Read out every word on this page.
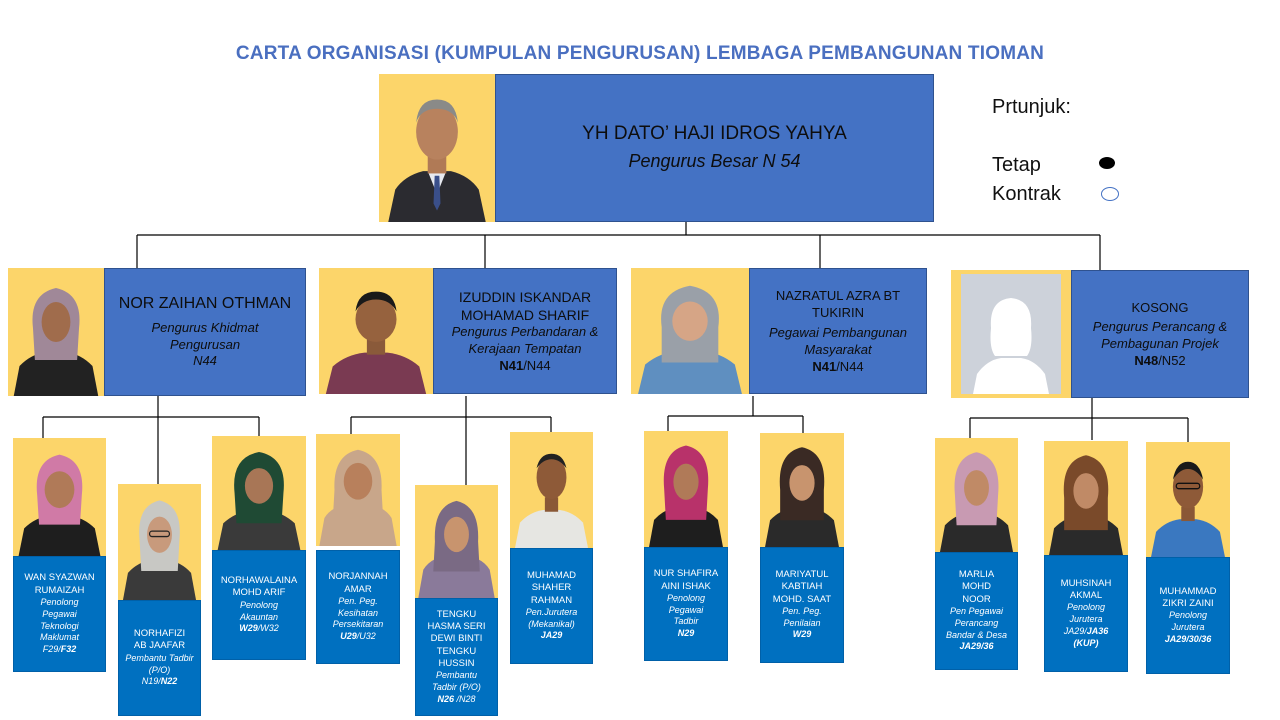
CARTA ORGANISASI (KUMPULAN PENGURUSAN) LEMBAGA PEMBANGUNAN TIOMAN
YH DATO’ HAJI IDROS YAHYA
Pengurus Besar N 54
Prtunjuk:
Tetap
Kontrak
NOR ZAIHAN OTHMAN
Pengurus Khidmat Pengurusan
N44
IZUDDIN ISKANDAR MOHAMAD SHARIF
Pengurus Perbandaran & Kerajaan Tempatan
N41/N44
NAZRATUL AZRA BT TUKIRIN
Pegawai Pembangunan Masyarakat
N41/N44
KOSONG
Pengurus Perancang & Pembagunan Projek
N48/N52
WAN SYAZWAN RUMAIZAH
Penolong Pegawai Teknologi Maklumat
F29/F32
NORHAFIZI AB JAAFAR
Pembantu Tadbir (P/O)
N19/N22
NORHAWALAINA MOHD ARIF
Penolong Akauntan
W29/W32
NORJANNAH AMAR
Pen. Peg. Kesihatan Persekitaran
U29/U32
TENGKU HASMA SERI DEWI BINTI TENGKU HUSSIN
Pembantu Tadbir (P/O)
N26 /N28
MUHAMAD SHAHER RAHMAN
Pen.Jurutera (Mekanikal)
JA29
NUR SHAFIRA AINI ISHAK
Penolong Pegawai Tadbir
N29
MARIYATUL KABTIAH MOHD. SAAT
Pen. Peg. Penilaian
W29
MARLIA MOHD NOOR
Pen Pegawai Perancang Bandar & Desa
JA29/36
MUHSINAH AKMAL
Penolong Jurutera
JA29/JA36
(KUP)
MUHAMMAD ZIKRI ZAINI
Penolong Jurutera
JA29/30/36
